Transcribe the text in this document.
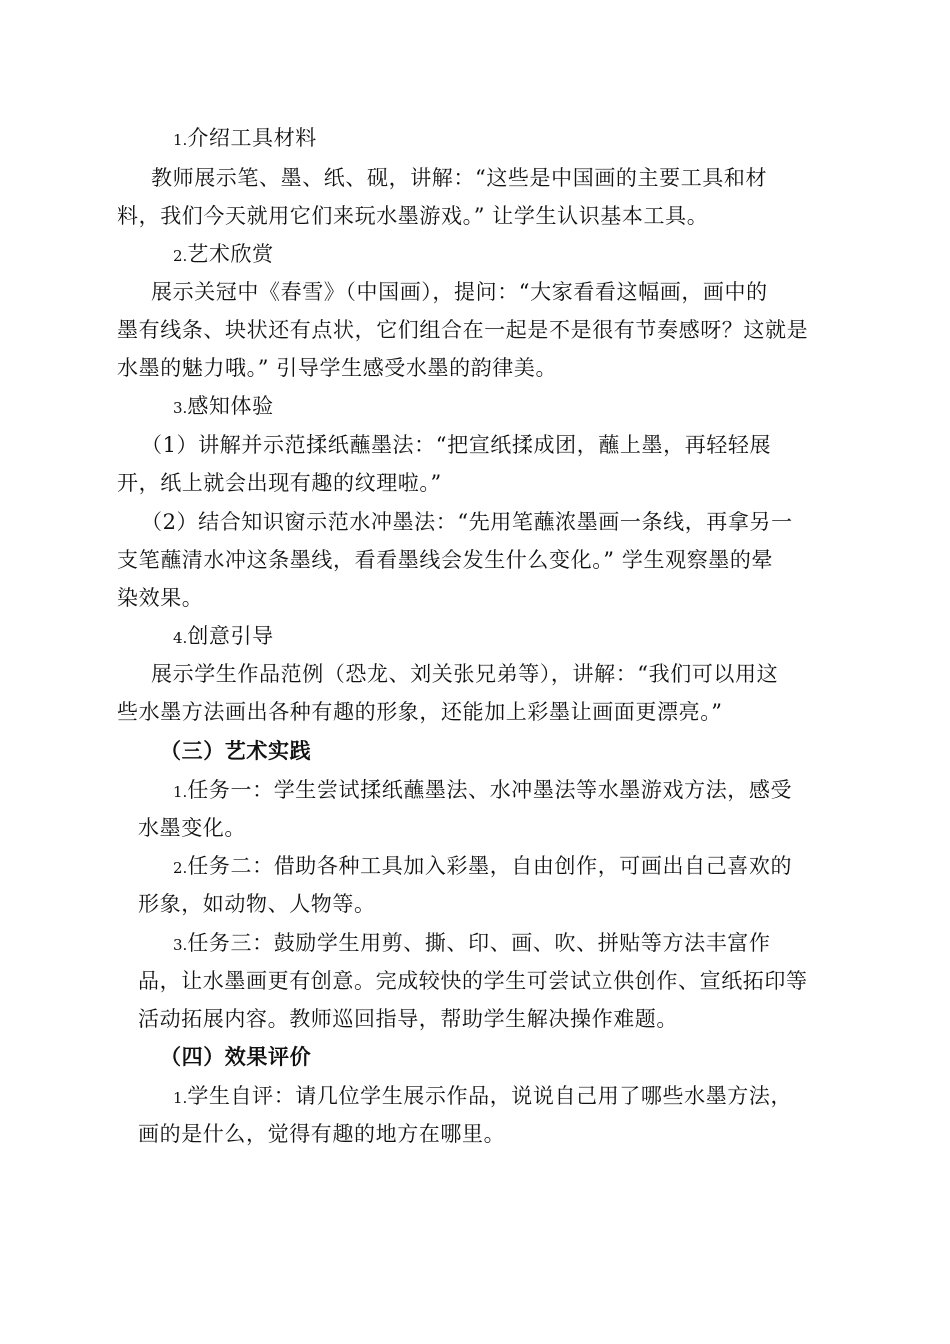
1.介绍工具材料
教师展示笔、墨、纸、砚，讲解：“这些是中国画的主要工具和材
料，我们今天就用它们来玩水墨游戏。” 让学生认识基本工具。
2.艺术欣赏
展示关冠中《春雪》（中国画），提问：“大家看看这幅画，画中的
墨有线条、块状还有点状，它们组合在一起是不是很有节奏感呀？这就是
水墨的魅力哦。” 引导学生感受水墨的韵律美。
3.感知体验
（1）讲解并示范揉纸蘸墨法：“把宣纸揉成团，蘸上墨，再轻轻展
开，纸上就会出现有趣的纹理啦。”
（2）结合知识窗示范水冲墨法：“先用笔蘸浓墨画一条线，再拿另一
支笔蘸清水冲这条墨线，看看墨线会发生什么变化。” 学生观察墨的晕
染效果。
4.创意引导
展示学生作品范例（恐龙、刘关张兄弟等），讲解：“我们可以用这
些水墨方法画出各种有趣的形象，还能加上彩墨让画面更漂亮。”
（三）艺术实践
1.任务一：学生尝试揉纸蘸墨法、水冲墨法等水墨游戏方法，感受
水墨变化。
2.任务二：借助各种工具加入彩墨，自由创作，可画出自己喜欢的
形象，如动物、人物等。
3.任务三：鼓励学生用剪、撕、印、画、吹、拼贴等方法丰富作
品，让水墨画更有创意。完成较快的学生可尝试立供创作、宣纸拓印等
活动拓展内容。教师巡回指导，帮助学生解决操作难题。
（四）效果评价
1.学生自评：请几位学生展示作品，说说自己用了哪些水墨方法，
画的是什么，觉得有趣的地方在哪里。
